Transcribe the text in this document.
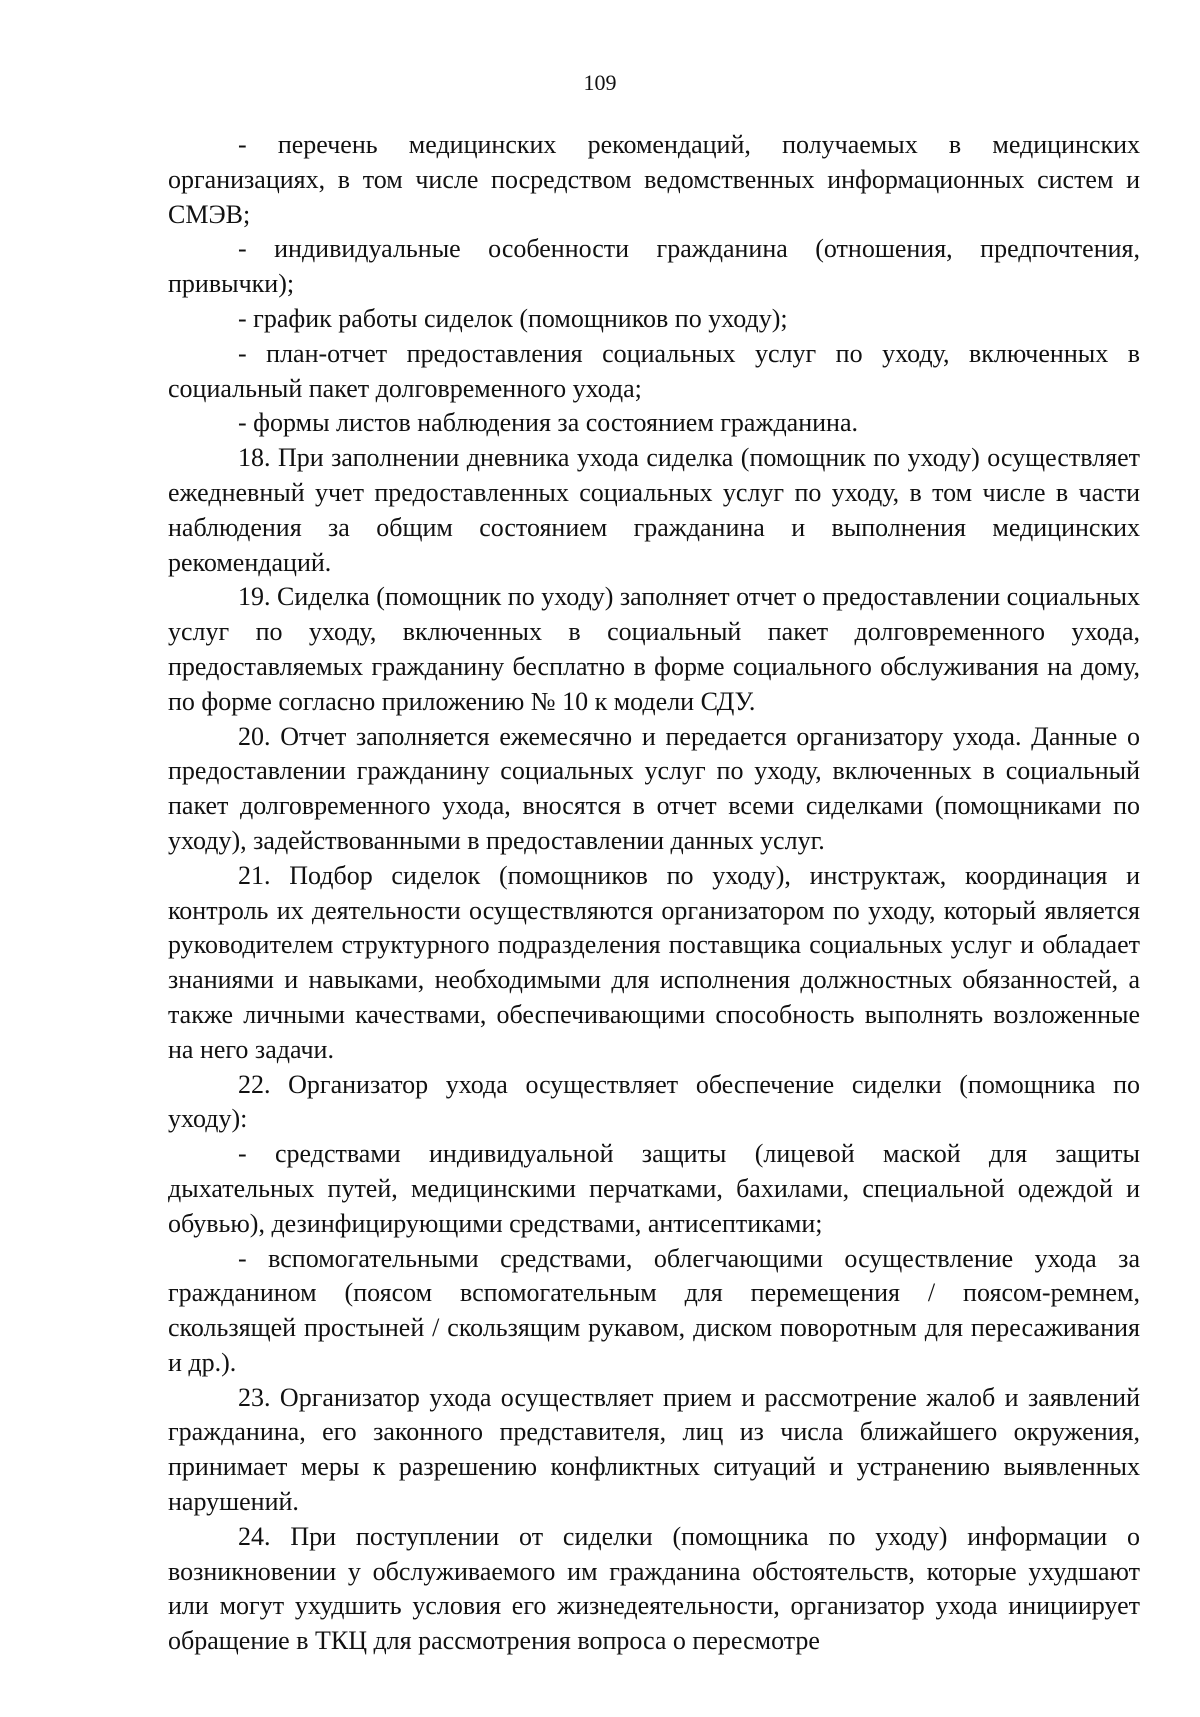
109

- перечень медицинских рекомендаций, получаемых в медицинских организациях, в том числе посредством ведомственных информационных систем и СМЭВ;

- индивидуальные особенности гражданина (отношения, предпочтения, привычки);

- график работы сиделок (помощников по уходу);

- план-отчет предоставления социальных услуг по уходу, включенных в социальный пакет долговременного ухода;

- формы листов наблюдения за состоянием гражданина.

18. При заполнении дневника ухода сиделка (помощник по уходу) осуществляет ежедневный учет предоставленных социальных услуг по уходу, в том числе в части наблюдения за общим состоянием гражданина и выполнения медицинских рекомендаций.

19. Сиделка (помощник по уходу) заполняет отчет о предоставлении социальных услуг по уходу, включенных в социальный пакет долговременного ухода, предоставляемых гражданину бесплатно в форме социального обслуживания на дому, по форме согласно приложению № 10 к модели СДУ.

20. Отчет заполняется ежемесячно и передается организатору ухода. Данные о предоставлении гражданину социальных услуг по уходу, включенных в социальный пакет долговременного ухода, вносятся в отчет всеми сиделками (помощниками по уходу), задействованными в предоставлении данных услуг.

21. Подбор сиделок (помощников по уходу), инструктаж, координация и контроль их деятельности осуществляются организатором по уходу, который является руководителем структурного подразделения поставщика социальных услуг и обладает знаниями и навыками, необходимыми для исполнения должностных обязанностей, а также личными качествами, обеспечивающими способность выполнять возложенные на него задачи.

22. Организатор ухода осуществляет обеспечение сиделки (помощника по уходу):

- средствами индивидуальной защиты (лицевой маской для защиты дыхательных путей, медицинскими перчатками, бахилами, специальной одеждой и обувью), дезинфицирующими средствами, антисептиками;

- вспомогательными средствами, облегчающими осуществление ухода за гражданином (поясом вспомогательным для перемещения / поясом-ремнем, скользящей простыней / скользящим рукавом, диском поворотным для пересаживания и др.).

23. Организатор ухода осуществляет прием и рассмотрение жалоб и заявлений гражданина, его законного представителя, лиц из числа ближайшего окружения, принимает меры к разрешению конфликтных ситуаций и устранению выявленных нарушений.

24. При поступлении от сиделки (помощника по уходу) информации о возникновении у обслуживаемого им гражданина обстоятельств, которые ухудшают или могут ухудшить условия его жизнедеятельности, организатор ухода инициирует обращение в ТКЦ для рассмотрения вопроса о пересмотре
